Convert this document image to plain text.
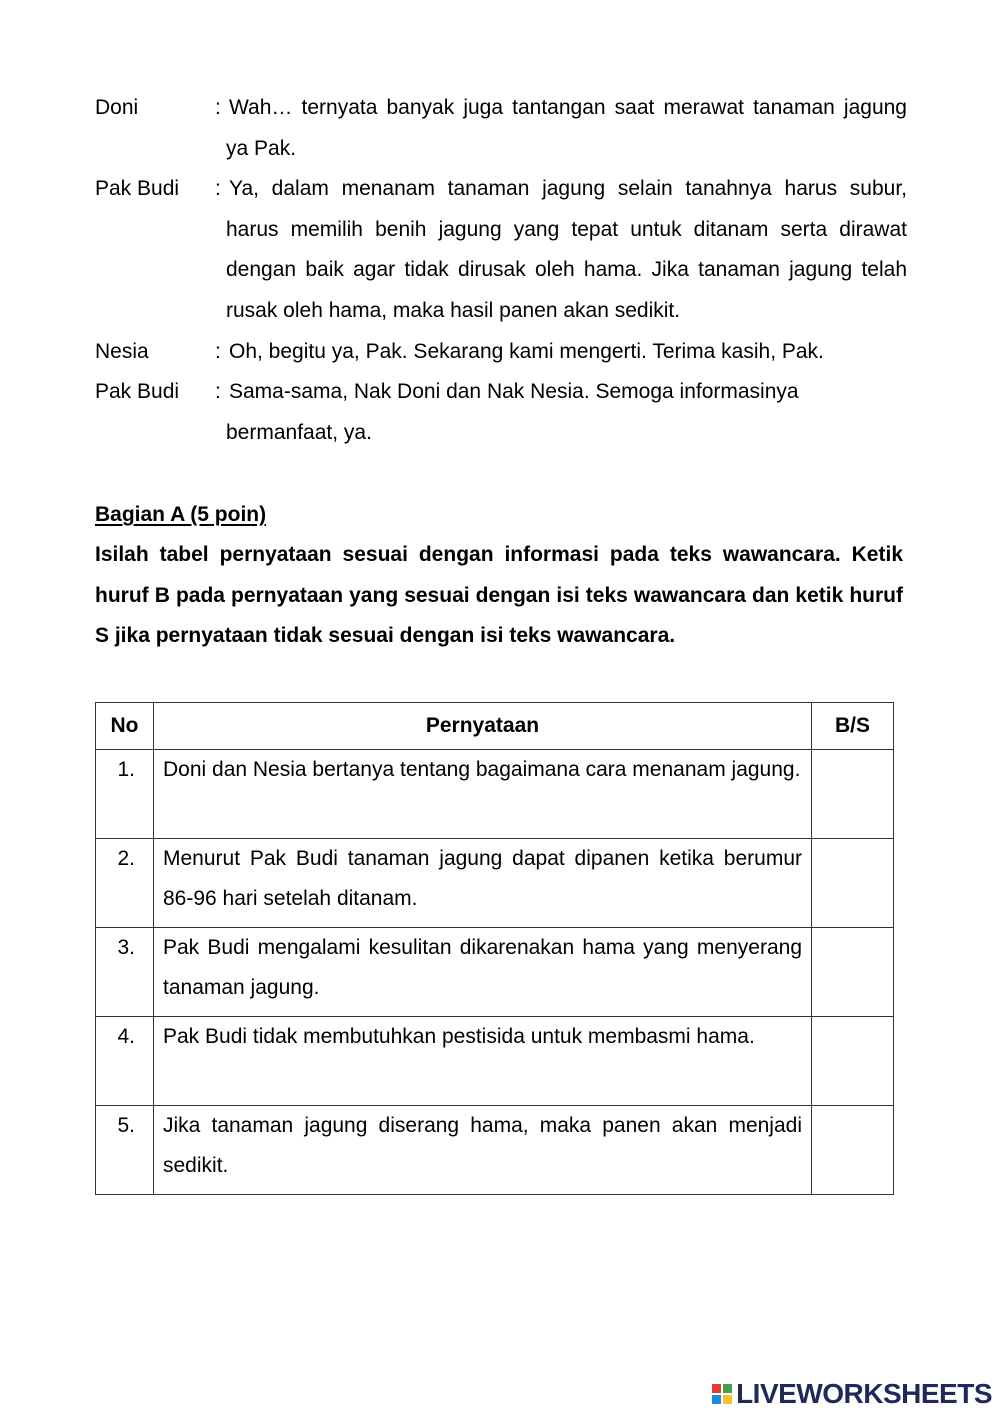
Doni	: Wah… ternyata banyak juga tantangan saat merawat tanaman jagung ya Pak.
Pak Budi	: Ya, dalam menanam tanaman jagung selain tanahnya harus subur, harus memilih benih jagung yang tepat untuk ditanam serta dirawat dengan baik agar tidak dirusak oleh hama. Jika tanaman jagung telah rusak oleh hama, maka hasil panen akan sedikit.
Nesia	: Oh, begitu ya, Pak. Sekarang kami mengerti. Terima kasih, Pak.
Pak Budi	: Sama-sama, Nak Doni dan Nak Nesia. Semoga informasinya bermanfaat, ya.
Bagian A (5 poin)
Isilah tabel pernyataan sesuai dengan informasi pada teks wawancara. Ketik huruf B pada pernyataan yang sesuai dengan isi teks wawancara dan ketik huruf S jika pernyataan tidak sesuai dengan isi teks wawancara.
No	Pernyataan	B/S
1.	Doni dan Nesia bertanya tentang bagaimana cara menanam jagung.	
2.	Menurut Pak Budi tanaman jagung dapat dipanen ketika berumur 86-96 hari setelah ditanam.	
3.	Pak Budi mengalami kesulitan dikarenakan hama yang menyerang tanaman jagung.	
4.	Pak Budi tidak membutuhkan pestisida untuk membasmi hama.	
5.	Jika tanaman jagung diserang hama, maka panen akan menjadi sedikit.	
LIVEWORKSHEETS
